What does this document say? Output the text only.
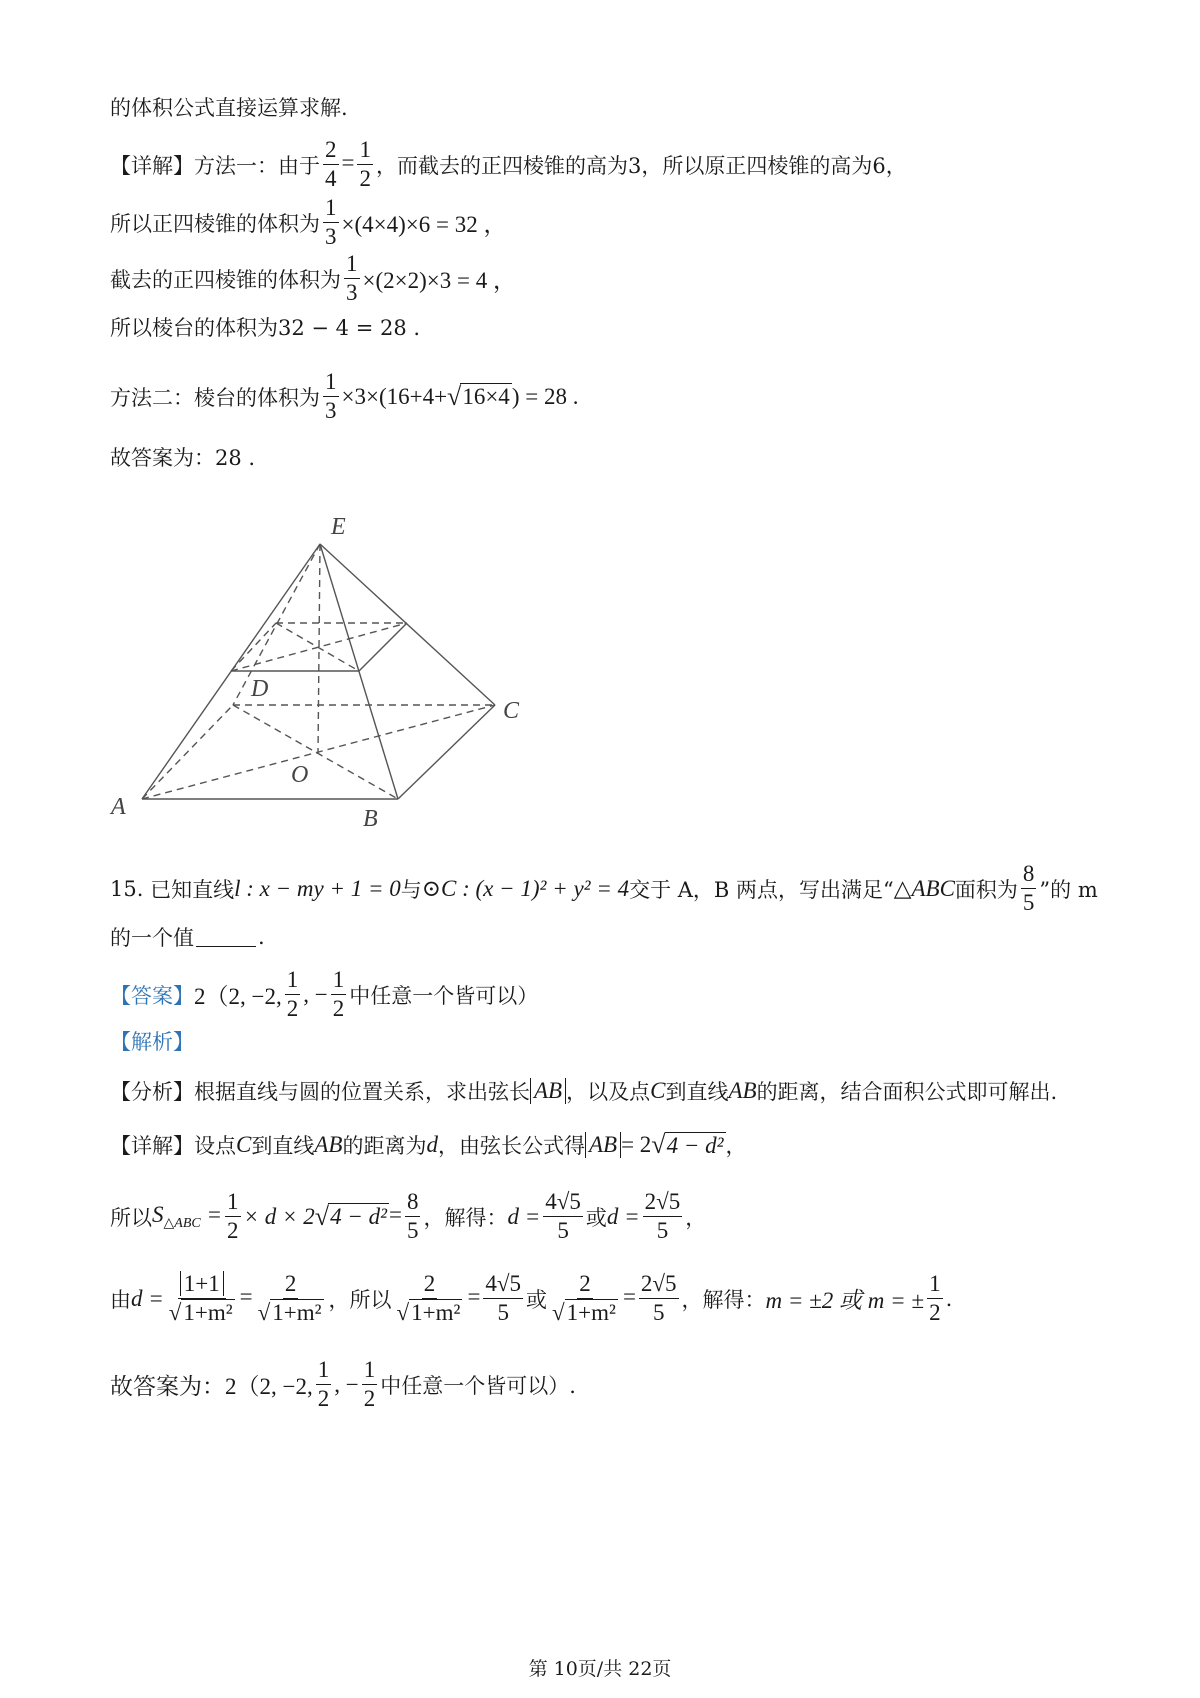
的体积公式直接运算求解.
【详解】 方法一：由于 $\frac{2}{4} = \frac{1}{2}$ ，而截去的正四棱锥的高为3，所以原正四棱锥的高为6，
所以正四棱锥的体积为 $\frac{1}{3} \times(4\times 4)\times 6 = 32$ ，
截去的正四棱锥的体积为 $\frac{1}{3} \times(2\times 2)\times 3 = 4$ ，
所以棱台的体积为32 − 4 = 28 .
方法二：棱台的体积为 $\frac{1}{3} \times 3\times(16+4+$ √ 16×4 ) = 28 .
故答案为：28 .
E
D
C
O
A	B
15.
已知直线 l : x − my + 1 = 0 与 ⊙C : (x − 1)² + y² = 4 交于 A，B 两点，写出满足“ △ABC 面积为 $\frac{8}{5}$ ”的 m
的一个值	.
【答案】 2（2, −2, $\frac{1}{2}$ , − $\frac{1}{2}$ 中任意一个皆可以）
【解析】
【分析】 根据直线与圆的位置关系，求出弦长 AB ，以及点 C 到直线 AB 的距离，结合面积公式即可解出.
【详解】 设点 C 到直线 AB 的距离为 d ，由弦长公式得 AB = 2 √ 4 − d² ，
所以 $S_{\triangle ABC} = \frac{1}{2} \times d \times 2$ √ $4 - d^2 = \frac{8}{5}$ ，解得： $d = \frac{4√5}{5}$ 或 $d = \frac{2√5}{5}$ ，
由 $d = \frac{1+1}{\text{√1+m²}} = \frac{2}{\text{√1+m²}}$ ，所以 $\frac{2}{\text{√1+m²}} = \frac{4√5}{5}$ 或 $\frac{2}{\text{√1+m²}} = \frac{2√5}{5}$ ，解得： m = ±2 或 m = ± $\frac{1}{2}$ .
故答案为：2（2, −2, $\frac{1}{2}$ , − $\frac{1}{2}$ 中任意一个皆可以）.
第 10页/共 22页
